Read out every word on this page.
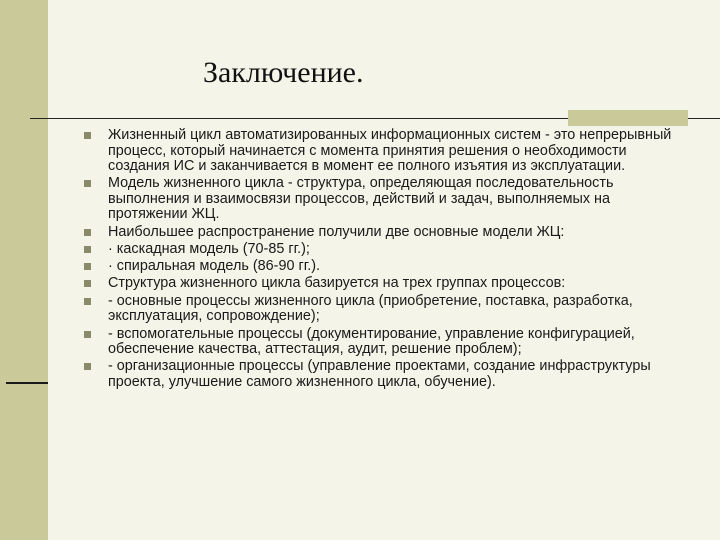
Заключение.
Жизненный цикл автоматизированных информационных систем - это непрерывный процесс, который начинается с момента принятия решения о необходимости создания ИС и заканчивается в момент ее полного изъятия из эксплуатации.
Модель жизненного цикла - структура, определяющая последовательность выполнения и взаимосвязи процессов, действий и задач, выполняемых на протяжении ЖЦ.
Наибольшее распространение получили две основные модели ЖЦ:
· каскадная модель (70-85 гг.);
· спиральная модель (86-90 гг.).
Структура жизненного цикла базируется на трех группах процессов:
- основные процессы жизненного цикла (приобретение, поставка, разработка, эксплуатация, сопровождение);
- вспомогательные процессы (документирование, управление конфигурацией, обеспечение качества, аттестация, аудит, решение проблем);
- организационные процессы (управление проектами, создание инфраструктуры проекта, улучшение самого жизненного цикла, обучение).
